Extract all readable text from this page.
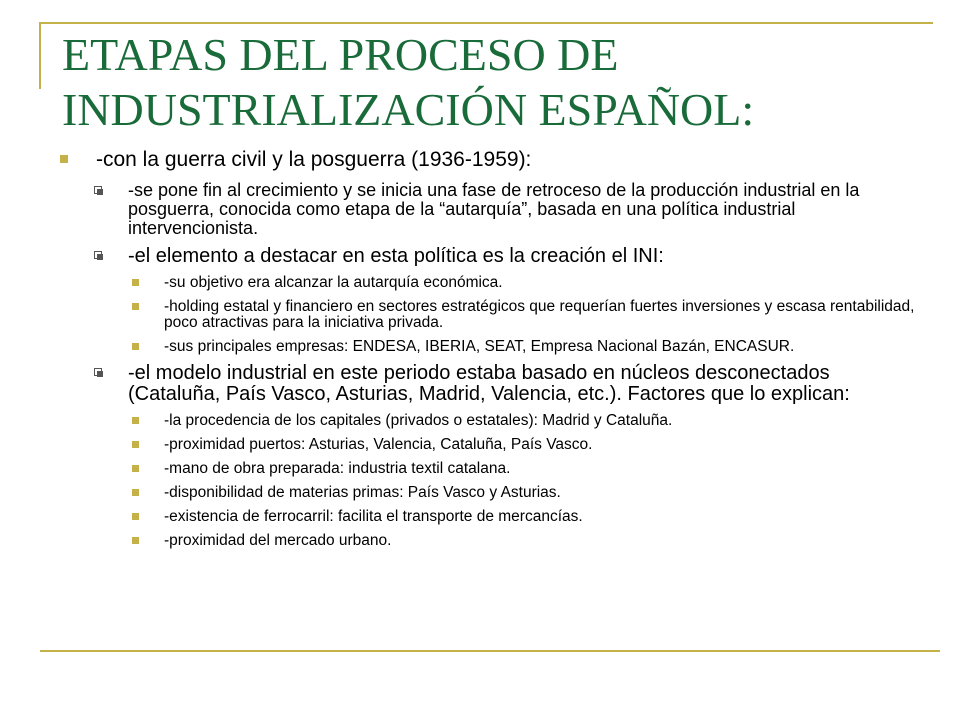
ETAPAS DEL PROCESO DE INDUSTRIALIZACIÓN ESPAÑOL:
-con la guerra civil y la posguerra (1936-1959):
-se pone fin al crecimiento y se inicia una fase de retroceso de la producción industrial en la posguerra, conocida como etapa de la “autarquía”, basada en una política industrial intervencionista.
-el elemento a destacar en esta política es la creación el INI:
-su objetivo era alcanzar la autarquía económica.
-holding estatal y financiero en sectores estratégicos que requerían fuertes inversiones y escasa rentabilidad, poco atractivas para la iniciativa privada.
-sus principales empresas: ENDESA, IBERIA, SEAT, Empresa Nacional Bazán, ENCASUR.
-el modelo industrial en este periodo estaba basado en núcleos desconectados (Cataluña, País Vasco, Asturias, Madrid, Valencia, etc.). Factores que lo explican:
-la procedencia de los capitales (privados o estatales): Madrid y Cataluña.
-proximidad puertos: Asturias, Valencia, Cataluña, País Vasco.
-mano de obra preparada: industria textil catalana.
-disponibilidad de materias primas: País Vasco y Asturias.
-existencia de ferrocarril: facilita el transporte de mercancías.
-proximidad del mercado urbano.
